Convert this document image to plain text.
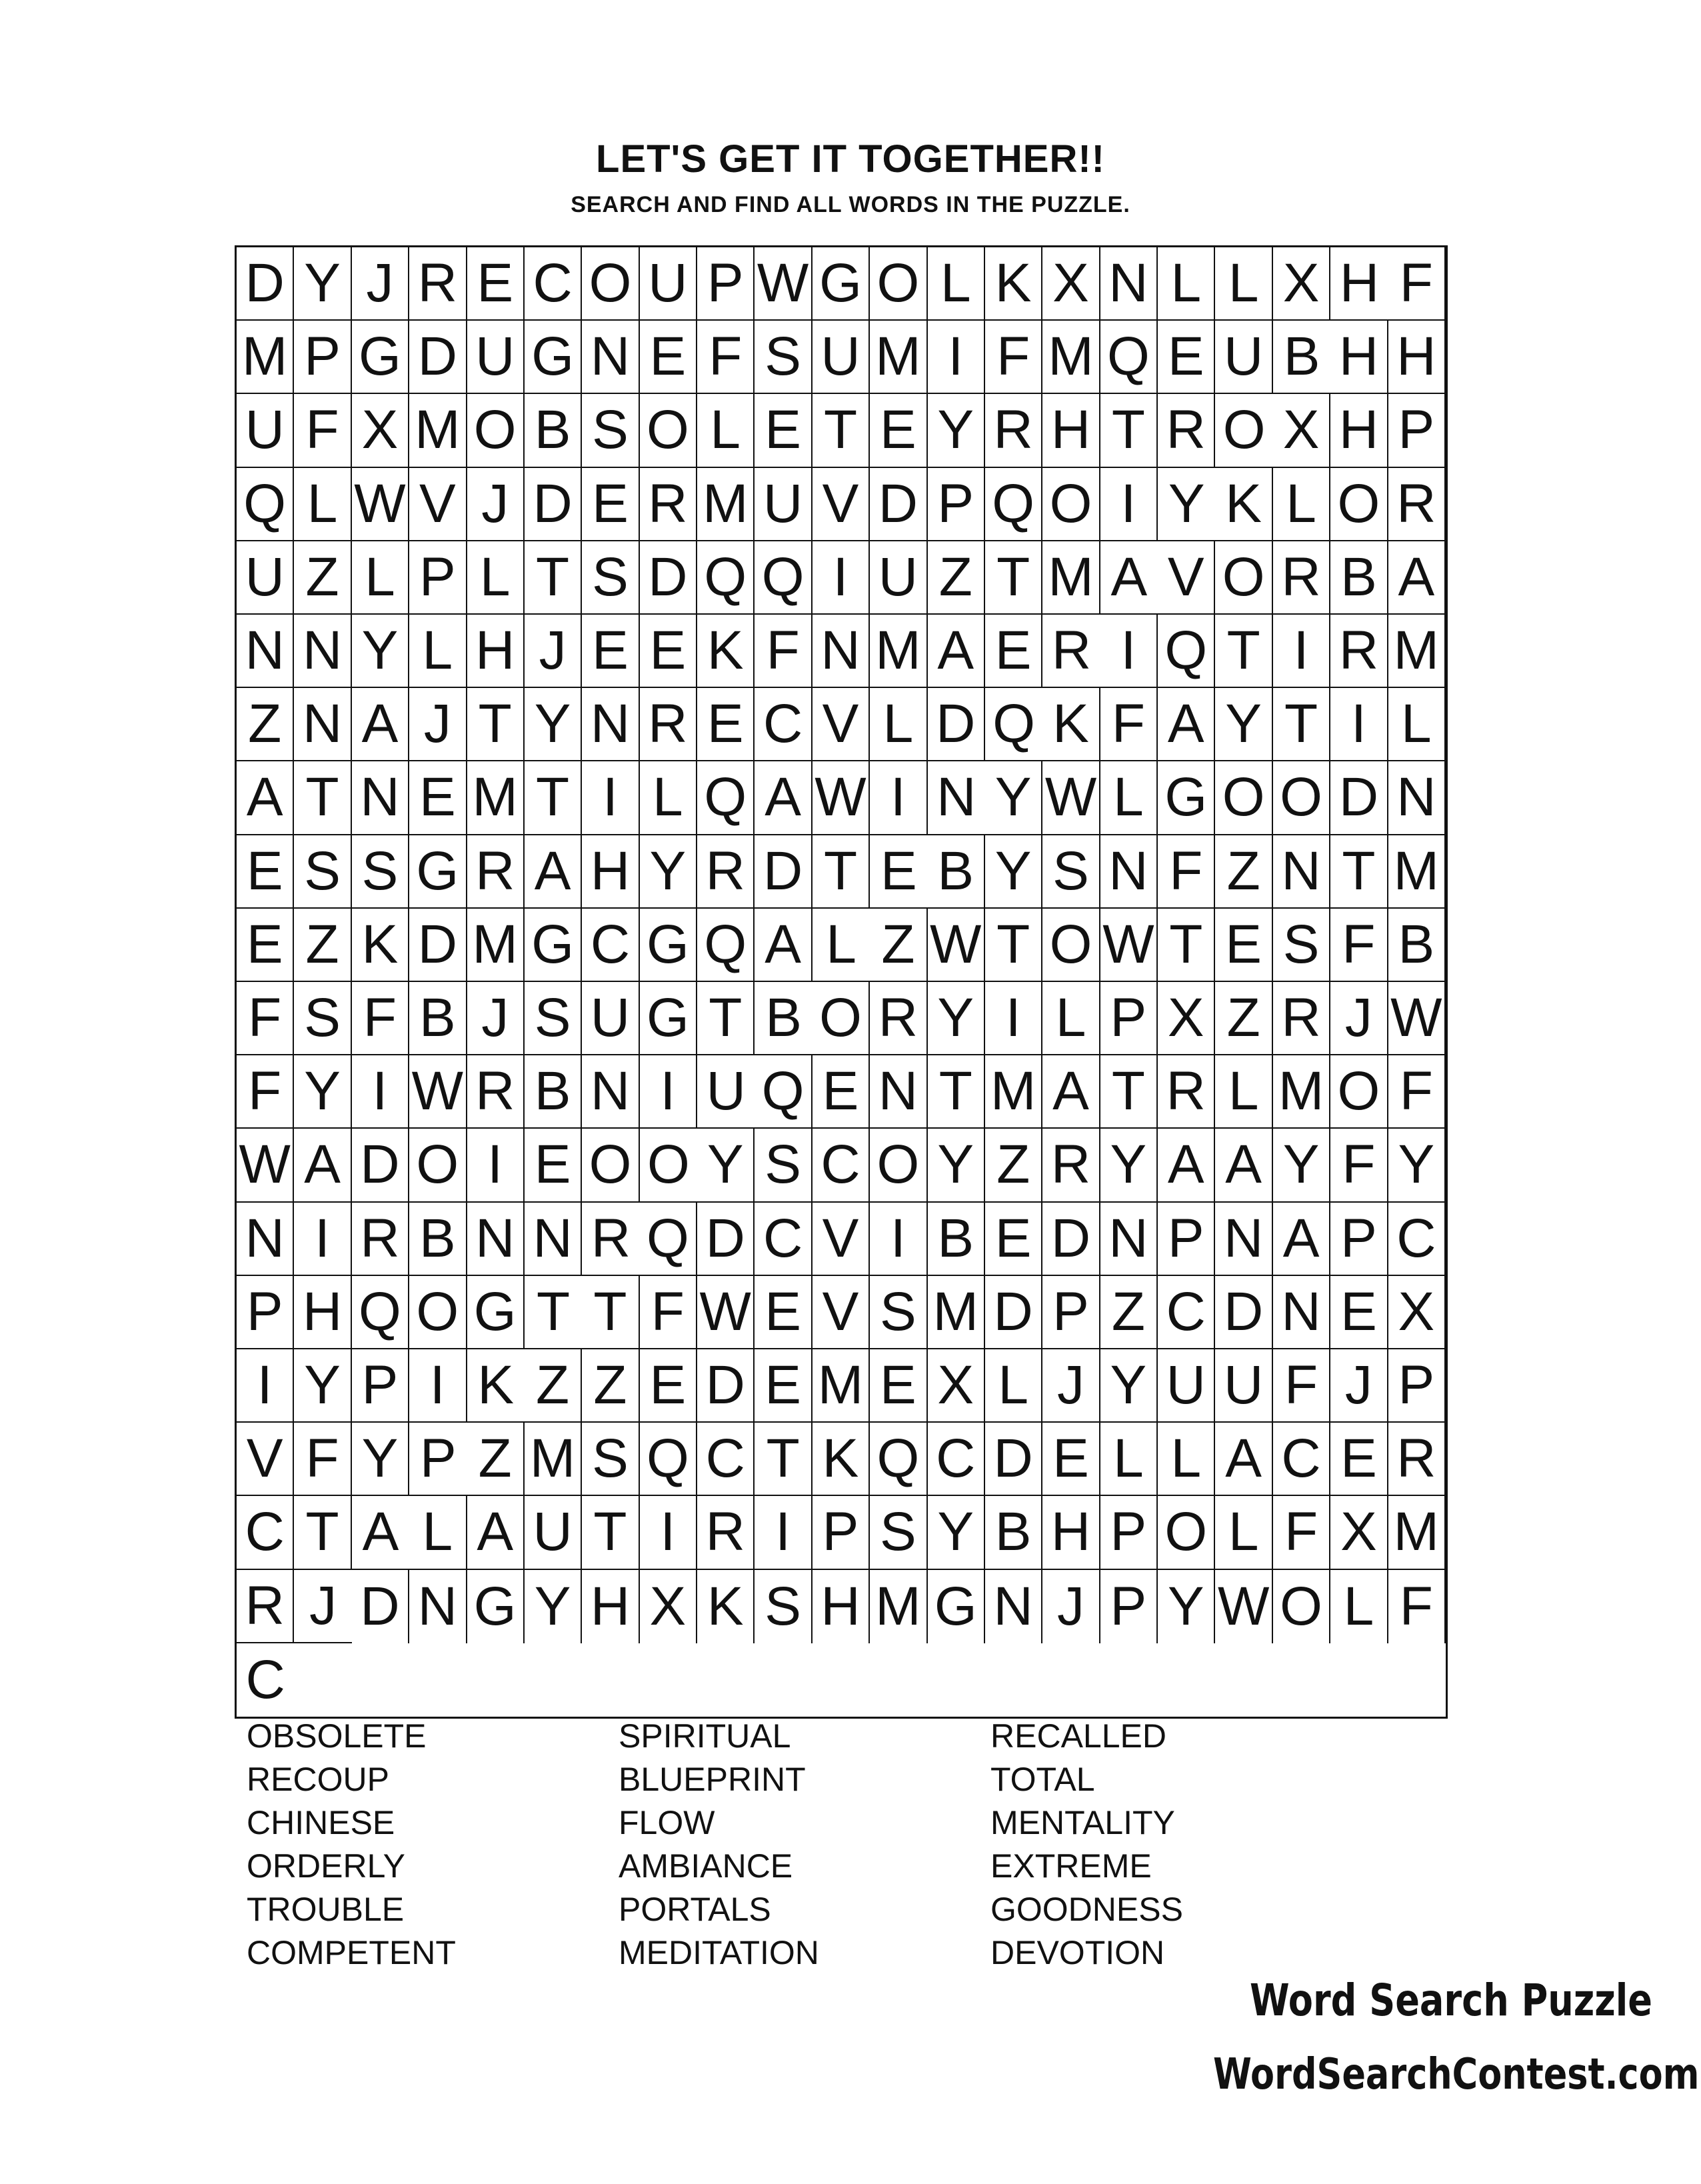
LET'S GET IT TOGETHER!!
SEARCH AND FIND ALL WORDS IN THE PUZZLE.
D Y J R E C O U P W G O L K X N L L X H F
M P G D U G N E F S U M I F M Q E U B H H
U F X M O B S O L E T E Y R H T R O X H P
Q L W V J D E R M U V D P Q O I Y K L O R
U Z L P L T S D Q Q I U Z T M A V O R B A
N N Y L H J E E K F N M A E R I Q T I R M
Z N A J T Y N R E C V L D Q K F A Y T I L
A T N E M T I L Q A W I N Y W L G O O D N
E S S G R A H Y R D T E B Y S N F Z N T M
E Z K D M G C G Q A L Z W T O W T E S F B
F S F B J S U G T B O R Y I L P X Z R J W
F Y I W R B N I U Q E N T M A T R L M O F
W A D O I E O O Y S C O Y Z R Y A A Y F Y
N I R B N N R Q D C V I B E D N P N A P C
P H Q O G T T F W E V S M D P Z C D N E X
I Y P I K Z Z E D E M E X L J Y U U F J P
V F Y P Z M S Q C T K Q C D E L L A C E R
C T A L A U T I R I P S Y B H P O L F X M
R J D N G Y H X K S H M G N J P Y W O L F
C
OBSOLETE
RECOUP
CHINESE
ORDERLY
TROUBLE
COMPETENT
SPIRITUAL
BLUEPRINT
FLOW
AMBIANCE
PORTALS
MEDITATION
RECALLED
TOTAL
MENTALITY
EXTREME
GOODNESS
DEVOTION
Word Search Puzzle
WordSearchContest.com
